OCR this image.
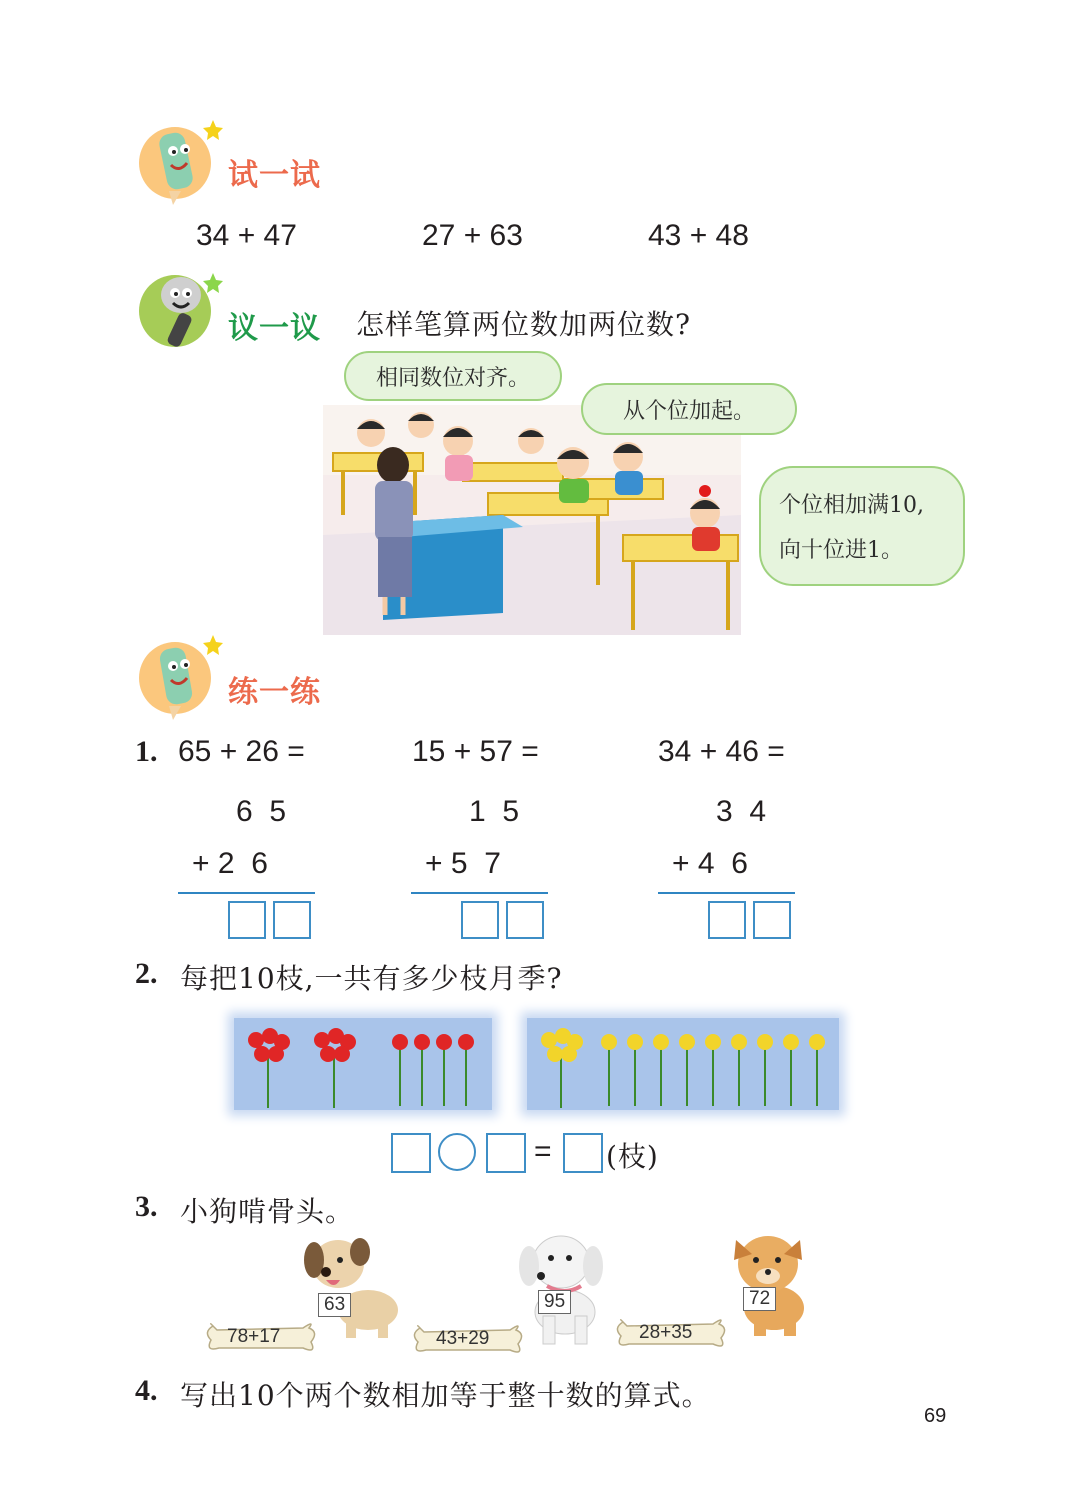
试一试
34 + 47	27 + 63	43 + 48
议一议 怎样笔算两位数加两位数?
相同数位对齐。
从个位加起。
个位相加满10,
向十位进1。
练一练
1. 65 + 26 =	15 + 57 =	34 + 46 =
6  5
+ 2  6
1  5
+ 5  7
3  4
+ 4  6
2. 每把10枝,一共有多少枝月季?
= (枝)
3. 小狗啃骨头。
63	95	72
78+17	43+29	28+35
4. 写出10个两个数相加等于整十数的算式。
69
